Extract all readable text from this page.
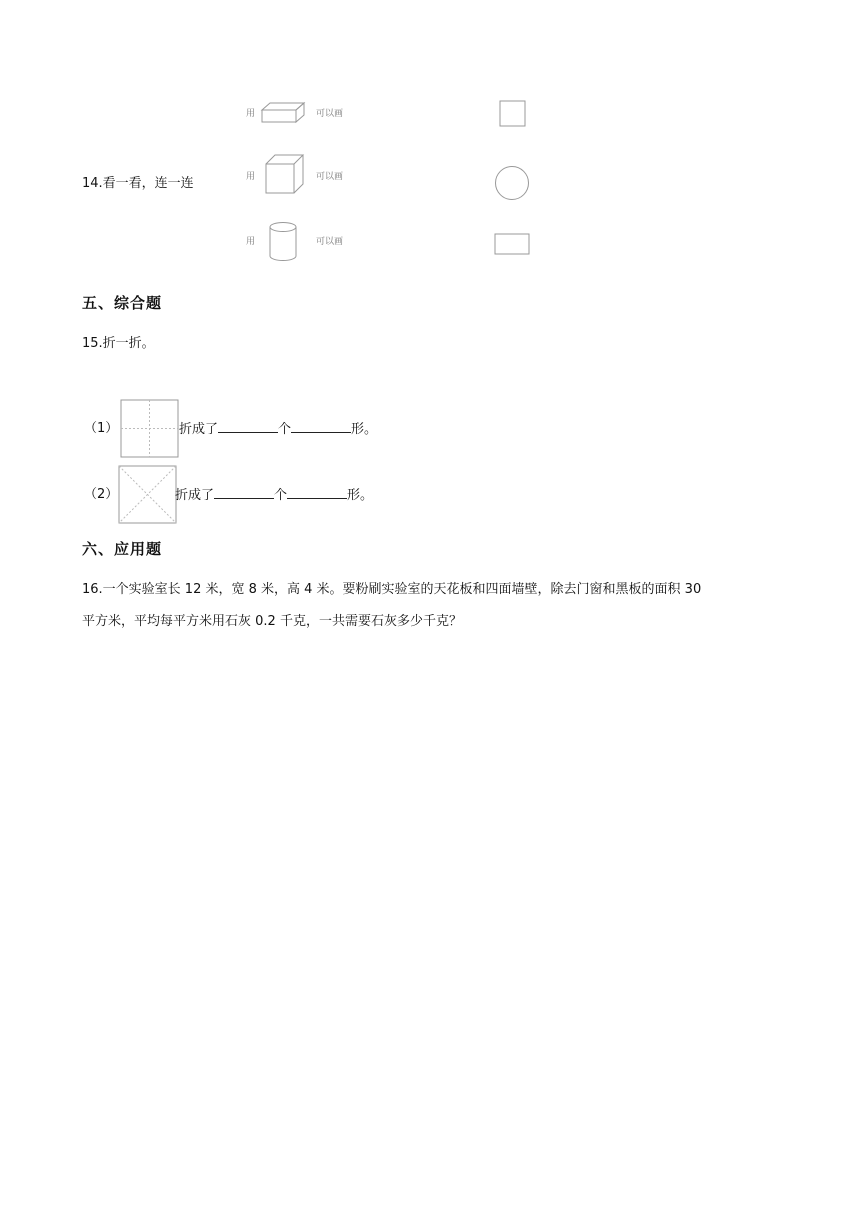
14.看一看，连一连
用	可以画
用	可以画
用	可以画
五、综合题
15.折一折。
（1）	折成了	个	形。
（2）	折成了	个	形。
六、应用题
16.一个实验室长 12 米，宽 8 米，高 4 米。要粉刷实验室的天花板和四面墙壁，除去门窗和黑板的面积 30
平方米，平均每平方米用石灰 0.2 千克，一共需要石灰多少千克？
